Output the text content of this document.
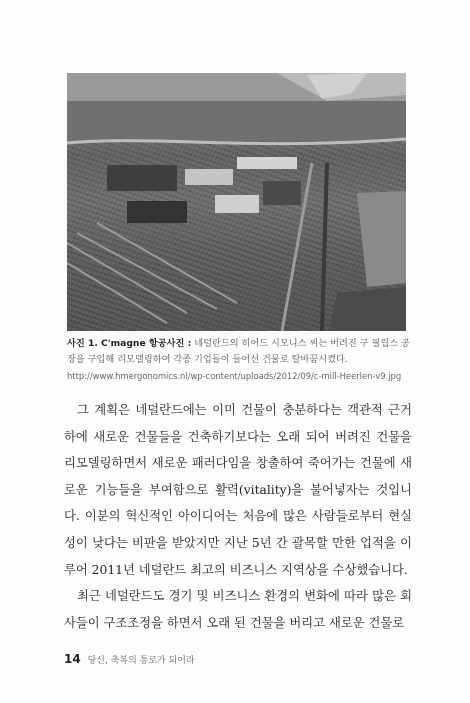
사진 1. C'magne 항공사진 : 네덜란드의 히어드 시모니스 씨는 버려진 구 필립스 공장을 구입해 리모델링하여 각종 기업들이 들어선 건물로 탈바꿈시켰다.
http://www.hmergonomics.nl/wp-content/uploads/2012/09/c-mill-Heerlen-v9.jpg

그 계획은 네덜란드에는 이미 건물이 충분하다는 객관적 근거 하에 새로운 건물들을 건축하기보다는 오래 되어 버려진 건물을 리모델링하면서 새로운 패러다임을 창출하여 죽어가는 건물에 새로운 기능들을 부여함으로 활력(vitality)을 불어넣자는 것입니다. 이분의 혁신적인 아이디어는 처음에 많은 사람들로부터 현실성이 낮다는 비판을 받았지만 지난 5년 간 괄목할 만한 업적을 이루어 2011년 네덜란드 최고의 비즈니스 지역상을 수상했습니다.

최근 네덜란드도 경기 및 비즈니스 환경의 변화에 따라 많은 회사들이 구조조정을 하면서 오래 된 건물을 버리고 새로운 건물로

14 당신, 축복의 통로가 되어라
